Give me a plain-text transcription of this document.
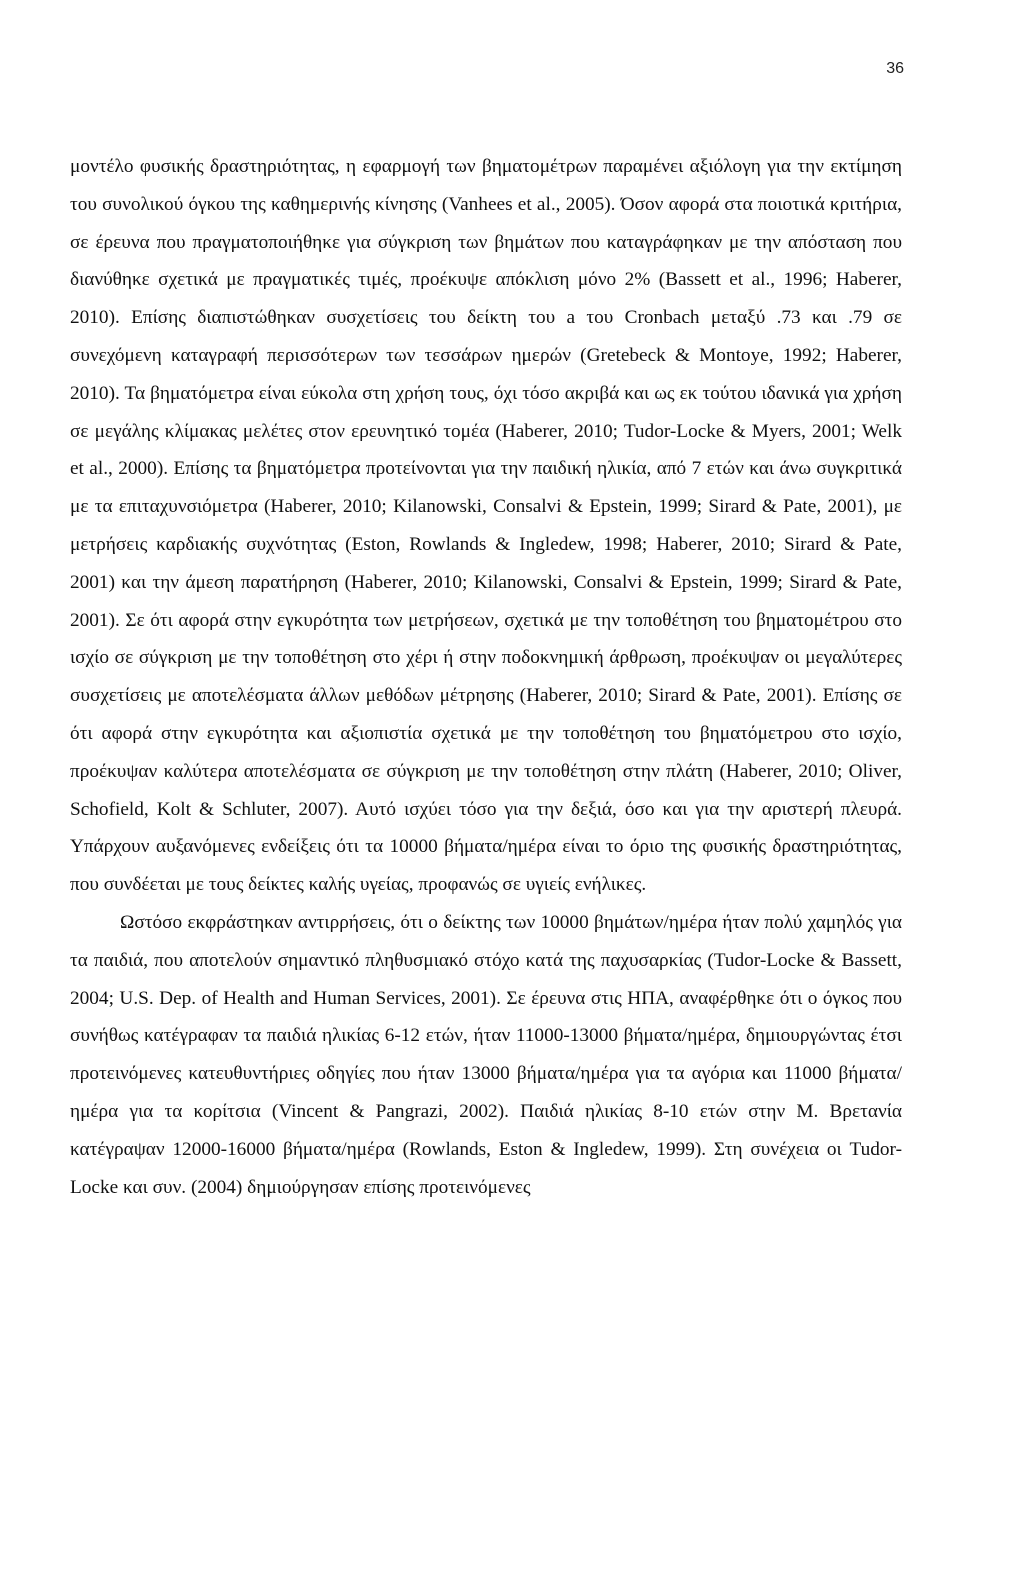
36

μοντέλο φυσικής δραστηριότητας, η εφαρμογή των βηματομέτρων παραμένει αξιόλογη για την εκτίμηση του συνολικού όγκου της καθημερινής κίνησης (Vanhees et al., 2005). Όσον αφορά στα ποιοτικά κριτήρια, σε έρευνα που πραγματοποιήθηκε για σύγκριση των βημάτων που καταγράφηκαν με την απόσταση που διανύθηκε σχετικά με πραγματικές τιμές, προέκυψε απόκλιση μόνο 2% (Bassett et al., 1996; Haberer, 2010). Επίσης διαπιστώθηκαν συσχετίσεις του δείκτη του a του Cronbach μεταξύ .73 και .79 σε συνεχόμενη καταγραφή περισσότερων των τεσσάρων ημερών (Gretebeck & Montoye, 1992; Haberer, 2010). Τα βηματόμετρα είναι εύκολα στη χρήση τους, όχι τόσο ακριβά και ως εκ τούτου ιδανικά για χρήση σε μεγάλης κλίμακας μελέτες στον ερευνητικό τομέα (Haberer, 2010; Tudor-Locke & Myers, 2001; Welk et al., 2000). Επίσης τα βηματόμετρα προτείνονται για την παιδική ηλικία, από 7 ετών και άνω συγκριτικά με τα επιταχυνσιόμετρα (Haberer, 2010; Kilanowski, Consalvi & Epstein, 1999; Sirard & Pate, 2001), με μετρήσεις καρδιακής συχνότητας (Eston, Rowlands & Ingledew, 1998; Haberer, 2010; Sirard & Pate, 2001) και την άμεση παρατήρηση (Haberer, 2010; Kilanowski, Consalvi & Epstein, 1999; Sirard & Pate, 2001). Σε ότι αφορά στην εγκυρότητα των μετρήσεων, σχετικά με την τοποθέτηση του βηματομέτρου στο ισχίο σε σύγκριση με την τοποθέτηση στο χέρι ή στην ποδοκνημική άρθρωση, προέκυψαν οι μεγαλύτερες συσχετίσεις με αποτελέσματα άλλων μεθόδων μέτρησης (Haberer, 2010; Sirard & Pate, 2001). Επίσης σε ότι αφορά στην εγκυρότητα και αξιοπιστία σχετικά με την τοποθέτηση του βηματόμετρου στο ισχίο, προέκυψαν καλύτερα αποτελέσματα σε σύγκριση με την τοποθέτηση στην πλάτη (Haberer, 2010; Oliver, Schofield, Kolt & Schluter, 2007). Αυτό ισχύει τόσο για την δεξιά, όσο και για την αριστερή πλευρά. Υπάρχουν αυξανόμενες ενδείξεις ότι τα 10000 βήματα/ημέρα είναι το όριο της φυσικής δραστηριότητας, που συνδέεται με τους δείκτες καλής υγείας, προφανώς σε υγιείς ενήλικες.

Ωστόσο εκφράστηκαν αντιρρήσεις, ότι ο δείκτης των 10000 βημάτων/ημέρα ήταν πολύ χαμηλός για τα παιδιά, που αποτελούν σημαντικό πληθυσμιακό στόχο κατά της παχυσαρκίας (Tudor-Locke & Bassett, 2004; U.S. Dep. of Health and Human Services, 2001). Σε έρευνα στις ΗΠΑ, αναφέρθηκε ότι ο όγκος που συνήθως κατέγραφαν τα παιδιά ηλικίας 6-12 ετών, ήταν 11000-13000 βήματα/ημέρα, δημιουργώντας έτσι προτεινόμενες κατευθυντήριες οδηγίες που ήταν 13000 βήματα/ημέρα για τα αγόρια και 11000 βήματα/ημέρα για τα κορίτσια (Vincent & Pangrazi, 2002). Παιδιά ηλικίας 8-10 ετών στην Μ. Βρετανία κατέγραψαν 12000-16000 βήματα/ημέρα (Rowlands, Eston & Ingledew, 1999). Στη συνέχεια οι Tudor-Locke και συν. (2004) δημιούργησαν επίσης προτεινόμενες
